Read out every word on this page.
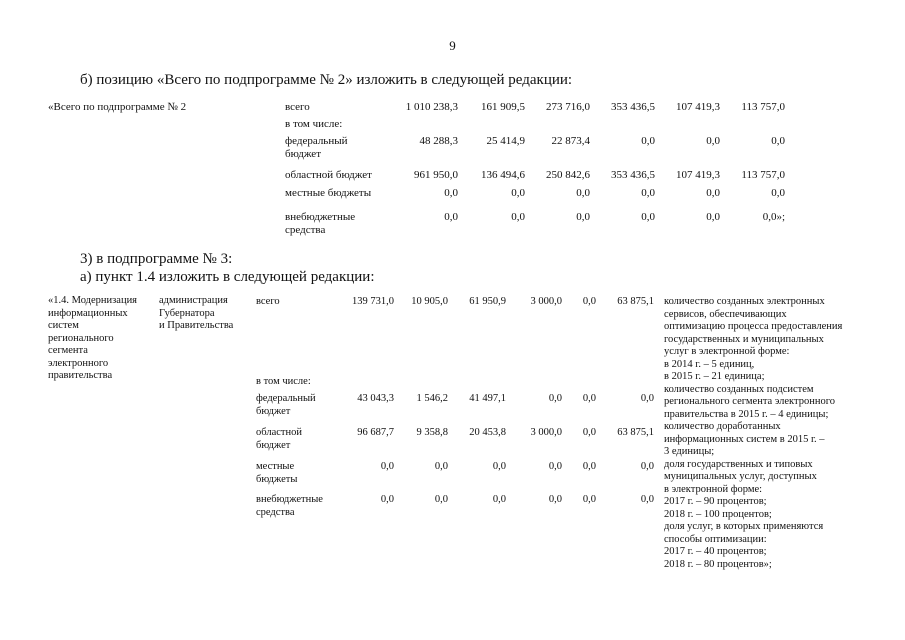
9
б) позицию «Всего по подпрограмме № 2» изложить в следующей редакции:
«Всего по подпрограмме № 2	всего	1 010 238,3	161 909,5	273 716,0	353 436,5	107 419,3	113 757,0
в том числе:
федеральный
бюджет
48 288,3	25 414,9	22 873,4	0,0	0,0	0,0
областной бюджет	961 950,0	136 494,6	250 842,6	353 436,5	107 419,3	113 757,0
местные бюджеты	0,0	0,0	0,0	0,0	0,0	0,0
внебюджетные
средства
0,0	0,0	0,0	0,0	0,0	0,0»;
3) в подпрограмме № 3:
а) пункт 1.4 изложить в следующей редакции:
«1.4. Модернизация
информационных
систем
регионального
сегмента
электронного
правительства
администрация
Губернатора
и Правительства
всего	139 731,0	10 905,0	61 950,9	3 000,0	0,0	63 875,1
в том числе:
федеральный
бюджет
43 043,3	1 546,2	41 497,1	0,0	0,0	0,0
областной
бюджет
96 687,7	9 358,8	20 453,8	3 000,0	0,0	63 875,1
местные
бюджеты
0,0	0,0	0,0	0,0	0,0	0,0
внебюджетные
средства
0,0	0,0	0,0	0,0	0,0	0,0
количество созданных электронных
сервисов, обеспечивающих
оптимизацию процесса предоставления
государственных и муниципальных
услуг в электронной форме:
в 2014 г. – 5 единиц,
в 2015 г. – 21 единица;
количество созданных подсистем
регионального сегмента электронного
правительства в 2015 г. – 4 единицы;
количество доработанных
информационных систем в 2015 г. –
3 единицы;
доля государственных и типовых
муниципальных услуг, доступных
в электронной форме:
2017 г. – 90 процентов;
2018 г. – 100 процентов;
доля услуг, в которых применяются
способы оптимизации:
2017 г. – 40 процентов;
2018 г. – 80 процентов»;
